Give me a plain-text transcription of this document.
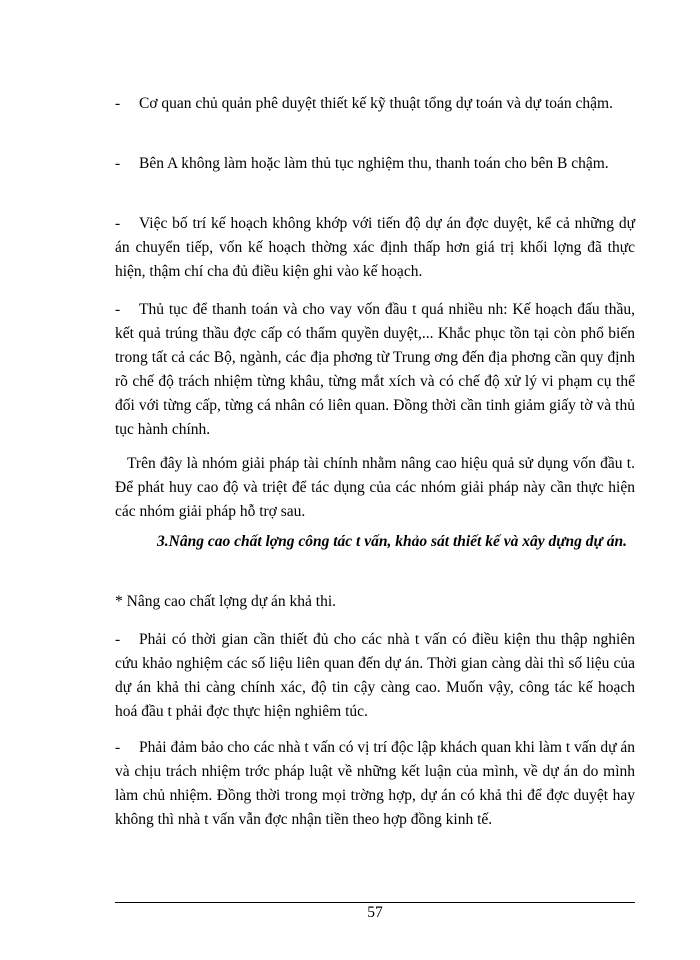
- Cơ quan chủ quản phê duyệt thiết kế kỹ thuật tổng dự toán và dự toán chậm.

- Bên A không làm hoặc làm thủ tục nghiệm thu, thanh toán cho bên B chậm.

- Việc bố trí kế hoạch không khớp với tiến độ dự án đợc duyệt, kể cả những dự án chuyển tiếp, vốn kế hoạch thờng xác định thấp hơn giá trị khối lợng đã thực hiện, thậm chí cha đủ điều kiện ghi vào kế hoạch.

- Thủ tục để thanh toán và cho vay vốn đầu t quá nhiều nh: Kế hoạch đấu thầu, kết quả trúng thầu đợc cấp có thẩm quyền duyệt,... Khắc phục tồn tại còn phổ biến trong tất cả các Bộ, ngành, các địa phơng từ Trung ơng đến địa phơng cần quy định rõ chế độ trách nhiệm từng khâu, từng mắt xích và có chế độ xử lý vi phạm cụ thể đối với từng cấp, từng cá nhân có liên quan. Đồng thời cần tinh giảm giấy tờ và thủ tục hành chính.

Trên đây là nhóm giải pháp tài chính nhằm nâng cao hiệu quả sử dụng vốn đầu t. Để phát huy cao độ và triệt để tác dụng của các nhóm giải pháp này cần thực hiện các nhóm giải pháp hỗ trợ sau.

3.Nâng cao chất lợng công tác t vấn, khảo sát thiết kế và xây dựng dự án.

* Nâng cao chất lợng dự án khả thi.

- Phải có thời gian cần thiết đủ cho các nhà t vấn có điều kiện thu thập nghiên cứu khảo nghiệm các số liệu liên quan đến dự án. Thời gian càng dài thì số liệu của dự án khả thi càng chính xác, độ tin cậy càng cao. Muốn vậy, công tác kế hoạch hoá đầu t phải đợc thực hiện nghiêm túc.

- Phải đảm bảo cho các nhà t vấn có vị trí độc lập khách quan khi làm t vấn dự án và chịu trách nhiệm trớc pháp luật về những kết luận của mình, về dự án do mình làm chủ nhiệm. Đồng thời trong mọi trờng hợp, dự án có khả thi để đợc duyệt hay không thì nhà t vấn vẫn đợc nhận tiền theo hợp đồng kinh tế.

57
